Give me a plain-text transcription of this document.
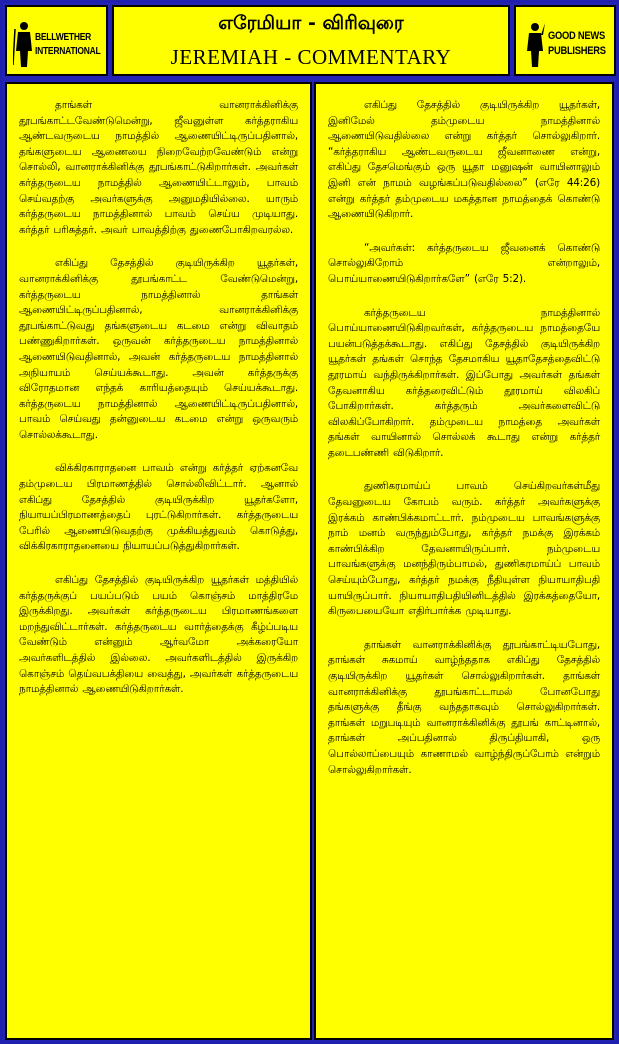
BELLWETHER
INTERNATIONAL
எரேமியா - விரிவுரை
JEREMIAH - COMMENTARY
GOOD NEWS
PUBLISHERS

தாங்கள் வானராக்கினிக்கு தூபங்காட்டவேண்டுமென்று, ஜீவனுள்ள கர்த்தராகிய ஆண்டவருடைய நாமத்தில் ஆணையிட்டிருப்பதினால், தங்களுடைய ஆணையை நிறைவேற்றவேண்டும் என்று சொல்லி, வானராக்கினிக்கு தூபங்காட்டுகிறார்கள். அவர்கள் கர்த்தருடைய நாமத்தில் ஆணையிட்டாலும், பாவம் செய்வதற்கு அவர்களுக்கு அனுமதியில்லை. யாரும் கர்த்தருடைய நாமத்தினால் பாவம் செய்ய முடியாது. கர்த்தர் பரிசுத்தர். அவர் பாவத்திற்கு துணைபோகிறவரல்ல.

எகிப்து தேசத்தில் குடியிருக்கிற யூதர்கள், வானராக்கினிக்கு தூபங்காட்ட வேண்டுமென்று, கர்த்தருடைய நாமத்தினால் தாங்கள் ஆணையிட்டிருப்பதினால், வானராக்கினிக்கு தூபங்காட்டுவது தங்களுடைய கடமை என்று விவாதம் பண்ணுகிறார்கள். ஒருவன் கர்த்தருடைய நாமத்தினால் ஆணையிடுவதினால், அவன் கர்த்தருடைய நாமத்தினால் அநியாயம் செய்யக்கூடாது. அவன் கர்த்தருக்கு விரோதமான எந்தக் காரியத்தையும் செய்யக்கூடாது. கர்த்தருடைய நாமத்தினால் ஆணையிட்டிருப்பதினால், பாவம் செய்வது தன்னுடைய கடமை என்று ஒருவரும் சொல்லக்கூடாது.

விக்கிரகாராதனை பாவம் என்று கர்த்தர் ஏற்கனவே தம்முடைய பிரமாணத்தில் சொல்லிவிட்டார். ஆனால் எகிப்து தேசத்தில் குடியிருக்கிற யூதர்களோ, நியாயப்பிரமாணத்தைப் புரட்டுகிறார்கள். கர்த்தருடைய பேரில் ஆணையிடுவதற்கு முக்கியத்துவம் கொடுத்து, விக்கிரகாராதனையை நியாயப்படுத்துகிறார்கள்.

எகிப்து தேசத்தில் குடியிருக்கிற யூதர்கள் மத்தியில் கர்த்தருக்குப் பயப்படும் பயம் கொஞ்சம் மாத்திரமே இருக்கிறது. அவர்கள் கர்த்தருடைய பிரமாணங்களை மறந்துவிட்டார்கள். கர்த்தருடைய வார்த்தைக்கு கீழ்ப்படிய வேண்டும் என்னும் ஆர்வமோ அக்கரையோ அவர்களிடத்தில் இல்லை. அவர்களிடத்தில் இருக்கிற கொஞ்சம் தெய்வபக்தியை வைத்து, அவர்கள் கர்த்தருடைய நாமத்தினால் ஆணையிடுகிறார்கள்.

எகிப்து தேசத்தில் குடியிருக்கிற யூதர்கள், இனிமேல் தம்முடைய நாமத்தினால் ஆணையிடுவதில்லை என்று கர்த்தர் சொல்லுகிறார். “கர்த்தராகிய ஆண்டவருடைய ஜீவனாணை என்று, எகிப்து தேசமெங்கும் ஒரு யூதா மனுஷன் வாயினாலும் இனி என் நாமம் வழங்கப்படுவதில்லை” (எரே 44:26) என்று கர்த்தர் தம்முடைய மகத்தான நாமத்தைக் கொண்டு ஆணையிடுகிறார்.

“அவர்கள்: கர்த்தருடைய ஜீவனைக் கொண்டு சொல்லுகிறோம் என்றாலும், பொய்யாணையிடுகிறார்களே” (எரே 5:2).

கர்த்தருடைய நாமத்தினால் பொய்யாணையிடுகிறவர்கள், கர்த்தருடைய நாமத்தையே பயன்படுத்தக்கூடாது. எகிப்து தேசத்தில் குடியிருக்கிற யூதர்கள் தங்கள் சொந்த தேசமாகிய யூதாதேசத்தைவிட்டு தூரமாய் வந்திருக்கிறார்கள். இப்போது அவர்கள் தங்கள் தேவனாகிய கர்த்தரைவிட்டும் தூரமாய் விலகிப் போகிறார்கள். கர்த்தரும் அவர்களைவிட்டு விலகிப்போகிறார். தம்முடைய நாமத்தை அவர்கள் தங்கள் வாயினால் சொல்லக் கூடாது என்று கர்த்தர் தடைபண்ணி விடுகிறார்.

துணிகரமாய்ப் பாவம் செய்கிறவர்கள்மீது தேவனுடைய கோபம் வரும். கர்த்தர் அவர்களுக்கு இரக்கம் காண்பிக்கமாட்டார். நம்முடைய பாவங்களுக்கு நாம் மனம் வருந்தும்போது, கர்த்தர் நமக்கு இரக்கம் காண்பிக்கிற தேவனாயிருப்பார். நம்முடைய பாவங்களுக்கு மனந்திரும்பாமல், துணிகரமாய்ப் பாவம் செய்யும்போது, கர்த்தர் நமக்கு நீதியுள்ள நியாயாதிபதி யாயிருப்பார். நியாயாதிபதியினிடத்தில் இரக்கத்தையோ, கிருபையையோ எதிர்பார்க்க முடியாது.

தாங்கள் வானராக்கினிக்கு தூபங்காட்டியபோது, தாங்கள் சுகமாய் வாழ்ந்ததாக எகிப்து தேசத்தில் குடியிருக்கிற யூதர்கள் சொல்லுகிறார்கள். தாங்கள் வானராக்கினிக்கு தூபங்காட்டாமல் போனபோது தங்களுக்கு தீங்கு வந்ததாகவும் சொல்லுகிறார்கள். தாங்கள் மறுபடியும் வானராக்கினிக்கு தூபங் காட்டினால், தாங்கள் அப்பதினால் திருப்தியாகி, ஒரு பொல்லாப்பையும் காணாமல் வாழ்ந்திருப்போம் என்றும் சொல்லுகிறார்கள்.
